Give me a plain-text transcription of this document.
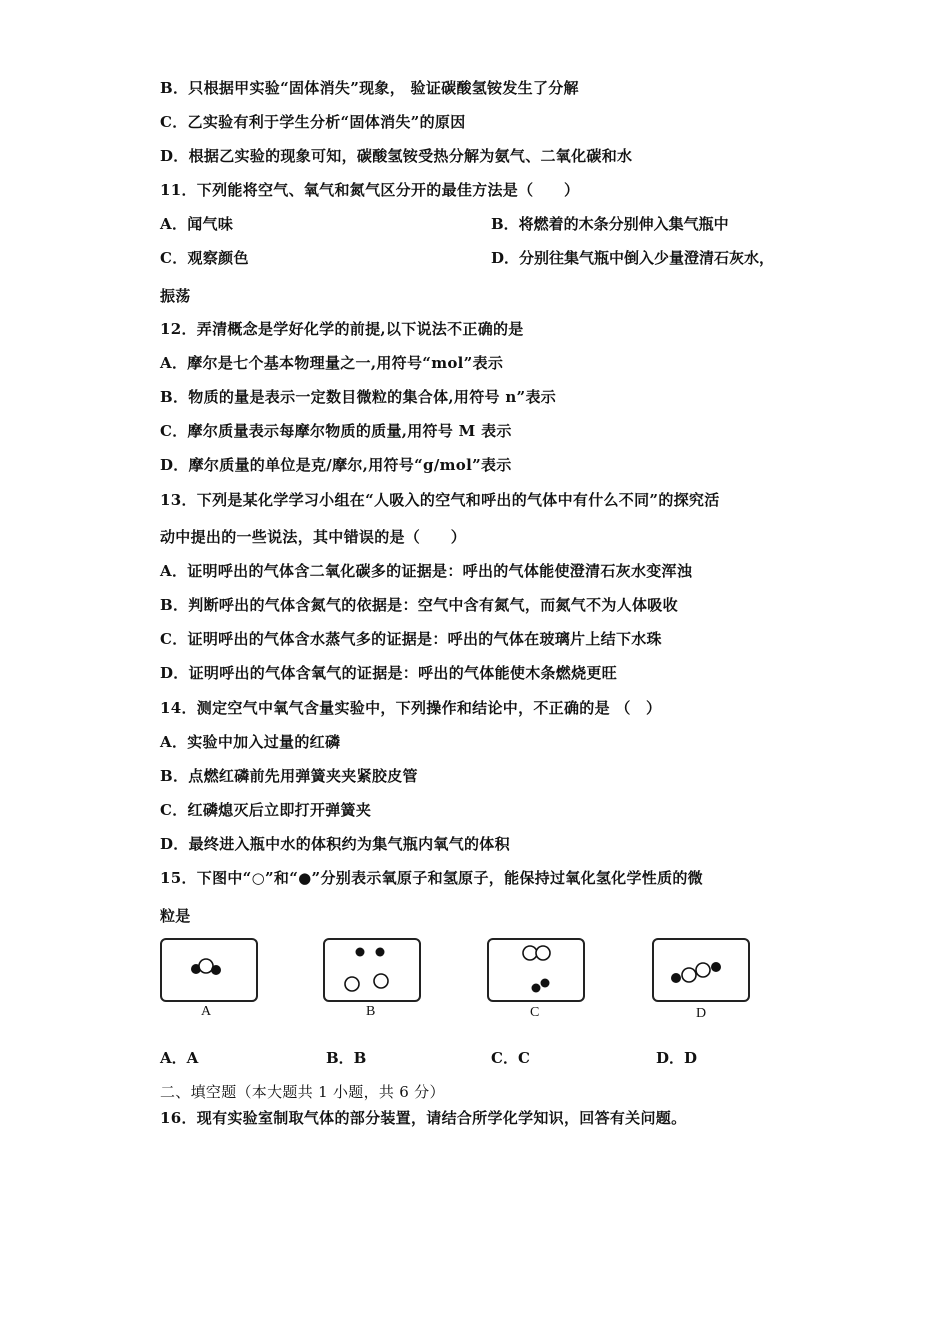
B．只根据甲实验“固体消失”现象， 验证碳酸氢铵发生了分解
C．乙实验有利于学生分析“固体消失”的原因
D．根据乙实验的现象可知，碳酸氢铵受热分解为氨气、二氧化碳和水
11．下列能将空气、氧气和氮气区分开的最佳方法是（　　）
A．闻气味	B．将燃着的木条分别伸入集气瓶中
C．观察颜色	D．分别往集气瓶中倒入少量澄清石灰水，
振荡
12．弄清概念是学好化学的前提,以下说法不正确的是
A．摩尔是七个基本物理量之一,用符号“mol”表示
B．物质的量是表示一定数目微粒的集合体,用符号 n”表示
C．摩尔质量表示每摩尔物质的质量,用符号 M 表示
D．摩尔质量的单位是克/摩尔,用符号“g/mol”表示
13．下列是某化学学习小组在“人吸入的空气和呼出的气体中有什么不同”的探究活
动中提出的一些说法，其中错误的是（　　）
A．证明呼出的气体含二氧化碳多的证据是：呼出的气体能使澄清石灰水变浑浊
B．判断呼出的气体含氮气的依据是：空气中含有氮气，而氮气不为人体吸收
C．证明呼出的气体含水蒸气多的证据是：呼出的气体在玻璃片上结下水珠
D．证明呼出的气体含氧气的证据是：呼出的气体能使木条燃烧更旺
14．测定空气中氧气含量实验中，下列操作和结论中，不正确的是 （　）
A．实验中加入过量的红磷
B．点燃红磷前先用弹簧夹夹紧胶皮管
C．红磷熄灭后立即打开弹簧夹
D．最终进入瓶中水的体积约为集气瓶内氧气的体积
15．下图中“○”和“●”分别表示氧原子和氢原子，能保持过氧化氢化学性质的微
粒是
A	B	C	D
A．A	B．B	C．C	D．D
二、填空题（本大题共 1 小题，共 6 分）
16．现有实验室制取气体的部分装置，请结合所学化学知识，回答有关问题。
